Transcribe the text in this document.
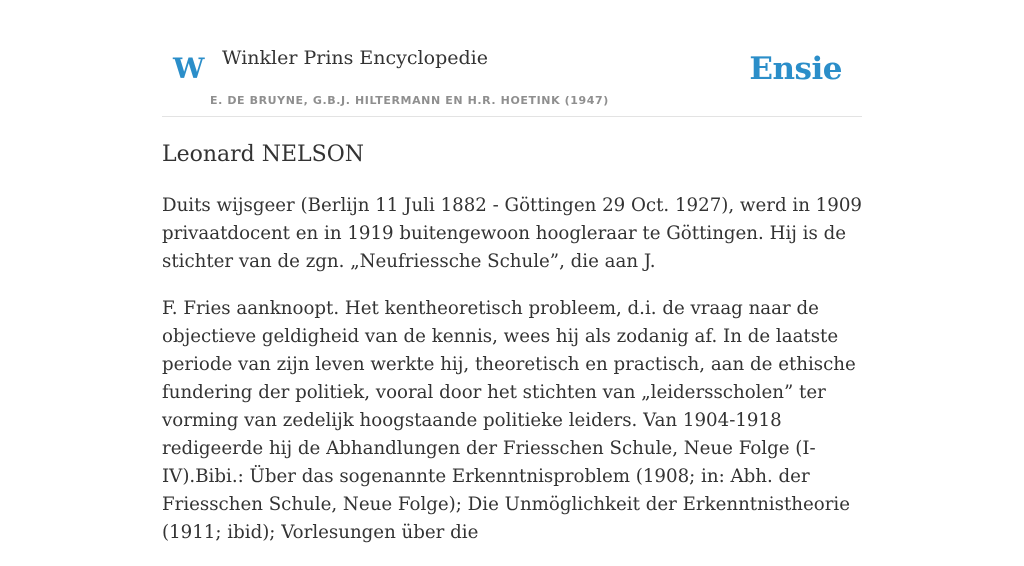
W Winkler Prins Encyclopedie
E. DE BRUYNE, G.B.J. HILTERMANN EN H.R. HOETINK (1947)
Ensie
Leonard NELSON

Duits wijsgeer (Berlijn 11 Juli 1882 - Göttingen 29 Oct. 1927), werd in 1909 privaatdocent en in 1919 buitengewoon hoogleraar te Göttingen. Hij is de stichter van de zgn. „Neufriessche Schule”, die aan J.

F. Fries aanknoopt. Het kentheoretisch probleem, d.i. de vraag naar de objectieve geldigheid van de kennis, wees hij als zodanig af. In de laatste periode van zijn leven werkte hij, theoretisch en practisch, aan de ethische fundering der politiek, vooral door het stichten van „leidersscholen” ter vorming van zedelijk hoogstaande politieke leiders. Van 1904-1918 redigeerde hij de Abhandlungen der Friesschen Schule, Neue Folge (I-IV).Bibi.: Über das sogenannte Erkenntnisproblem (1908; in: Abh. der Friesschen Schule, Neue Folge); Die Unmöglichkeit der Erkenntnistheorie (1911; ibid); Vorlesungen über die
